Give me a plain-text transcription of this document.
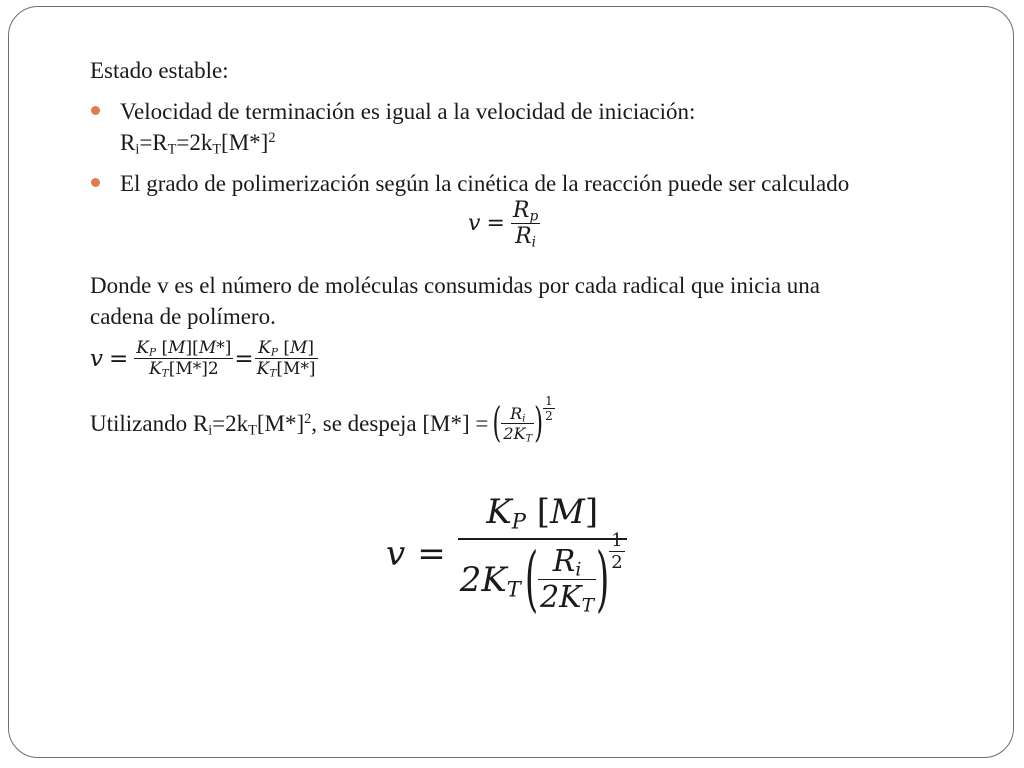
Estado estable:
Velocidad de terminación es igual a la velocidad de iniciación:
$R_i=R_T=2k_T[M*]^2$
El grado de polimerización según la cinética de la reacción puede ser calculado
$v = \frac{R_p}{R_i}$
Donde v es el número de moléculas consumidas por cada radical que inicia una
cadena de polímero.
$v = \frac{K_P [M][M*]}{K_T[M*]2} = \frac{K_P [M]}{K_T[M*]}$
Utilizando $R_i=2k_T[M*]^2$, se despeja [M*] = ( $\frac{R_i}{2K_T}$ ) $\frac{1}{2}$
v =
$K_P$ [M]
$2K_T$ ( $\frac{R_i}{2K_T}$ ) $\frac{1}{2}$
